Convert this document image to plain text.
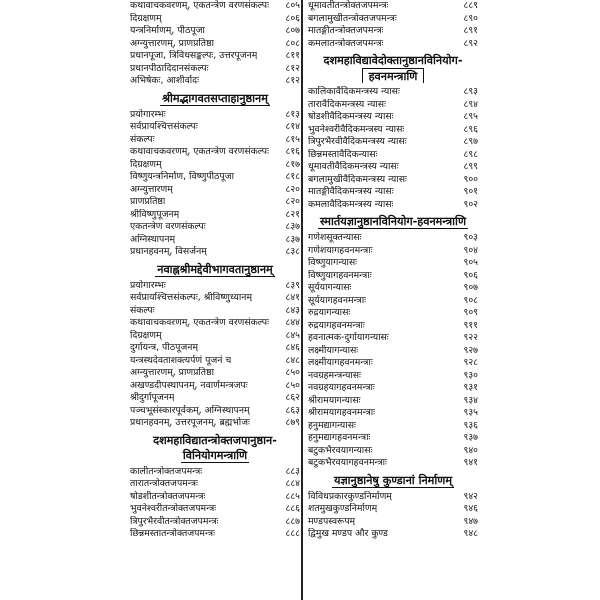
कथावाचकवरणम्, एकतन्त्रेण वरणसंकल्पः ८०५
दिग्रक्षणम्	८०६
यन्त्रनिर्माणम्, पीठपूजा	८०७
अग्न्युत्तारणम्, प्राणप्रतिष्ठा	८०८
प्रधानपूजा, त्रिविधसङ्कल्पः, उत्तरपूजनम्	८११
प्रधानपीठादिदानसंकल्पः	८१२
अभिषेकः, आशीर्वादः	८१२
श्रीमद्भागवतसप्ताहानुष्ठानम्
प्रयोगारम्भः	८१३
सर्वप्रायश्चित्तसंकल्पः	८१४
संकल्पः	८१५
कथावाचकवरणम्, एकतन्त्रेण वरणसंकल्पः ८१६
दिग्रक्षणम्	८१७
विष्णुयन्त्रनिर्माण, विष्णुपीठपूजा	८१८
अग्न्युत्तारणम्	८२०
प्राणप्रतिष्ठा	८२०
श्रीविष्णुपूजनम्	८२१
एकतन्त्रेण वरणसंकल्पः	८३७
अग्निस्थापनम्	८३७
प्रधानहवनम्, विसर्जनम्	८३८
नवाह्नश्रीमद्देवीभागवतानुष्ठानम्
प्रयोगारम्भः	८३९
सर्वप्रायश्चित्तसंकल्पः, श्रीविष्णुध्यानम्	८४१
संकल्पः	८४३
कथावाचकवरणम्, एकतन्त्रेण वरणसंकल्पः ८४४
दिग्रक्षणम्	८४५
दुर्गायन्त्र, पीठपूजनम्	८४६
यन्त्रस्थदेवताशक्त्यर्पणं पूजनं च	८४८
अग्न्युत्तारणम्, प्राणप्रतिष्ठा	८५०
अखण्डदीपस्थापनम्, नवार्णमन्त्रजपः	८५०
श्रीदुर्गापूजनम्	८६२
पञ्चभूसंस्कारपूर्वकम्, अग्निस्थापनम्	८६३
प्रधानहवनम्, उत्तरपूजनम्, ब्रह्मभोजः	८७९
दशमहाविद्यातन्त्रोक्तजपानुष्ठान-
विनियोगमन्त्राणि
कालीतन्त्रोक्तजपमन्त्रः	८८३
तारातन्त्रोक्तजपमन्त्रः	८८४
षोडशीतन्त्रोक्तजपमन्त्रः	८८५
भुवनेश्वरीतन्त्रोक्तजपमन्त्रः	८८६
त्रिपुरभैरवीतन्त्रोक्तजपमन्त्रः	८८७
छिन्नमस्तातन्त्रोक्तजपमन्त्रः	८८८
धूमावतीतन्त्रोक्तजपमन्त्रः	८८९
बगलामुखीतन्त्रोक्तजपमन्त्रः	८९०
मातङ्गीतन्त्रोक्तजपमन्त्रः	८९१
कमलातन्त्रोक्तजपमन्त्रः	८९२
दशमहाविद्यावेदोक्तानुष्ठानविनियोग-
हवनमन्त्राणि
कालिकावैदिकमन्त्रस्य न्यासः	८९३
तारावैदिकमन्त्रस्य न्यासः	८९४
षोडशीवैदिकमन्त्रस्य न्यासः	८९५
भुवनेश्वरीवैदिकमन्त्रस्य न्यासः	८९६
त्रिपुरभैरवीवैदिकमन्त्रस्य न्यासः	८९७
छिन्नमस्तावैदिकन्यासः	८९८
धूमावतीवैदिकमन्त्रस्य न्यासः	८९९
बगलामुखीवैदिकमन्त्रस्य न्यासः	९००
मातङ्गीवैदिकमन्त्रस्य न्यासः	९०१
कमलावैदिकमन्त्रस्य न्यासः	९०२
स्मार्तयज्ञानुष्ठानविनियोग-हवनमन्त्राणि
गणेशसूक्तन्यासः	९०३
गणेशयागहवनमन्त्राः	९०४
विष्णुयागन्यासः	९०५
विष्णुयागहवनमन्त्राः	९०६
सूर्ययागन्यासः	९०७
सूर्ययागहवनमन्त्राः	९०८
रुद्रयागन्यासः	९०९
रुद्रयागहवनमन्त्राः	९११
हवनात्मक-दुर्गायागन्यासः	९२२
लक्ष्मीयागन्यासः	९२७
लक्ष्मीयागहवनमन्त्राः	९२८
नवग्रहमन्त्रन्यासः	९३०
नवग्रहयागहवनमन्त्राः	९३१
श्रीरामयागन्यासः	९३४
श्रीरामयागहवनमन्त्राः	९३५
हनुमद्यागन्यासः	९३६
हनुमद्यागहवनमन्त्राः	९३७
बटुकभैरवयागन्यासः	९४०
बटुकभैरवयागहवनमन्त्राः	९४१
यज्ञानुष्ठानेषु कुण्डानां निर्माणम्
विविधप्रकारकुण्डनिर्माणम्	९४२
शतमुखकुण्डनिर्माणम्	९४६
मण्डपस्वरूपम्	९४७
द्विमुख मण्डप और कुण्ड	९४८
